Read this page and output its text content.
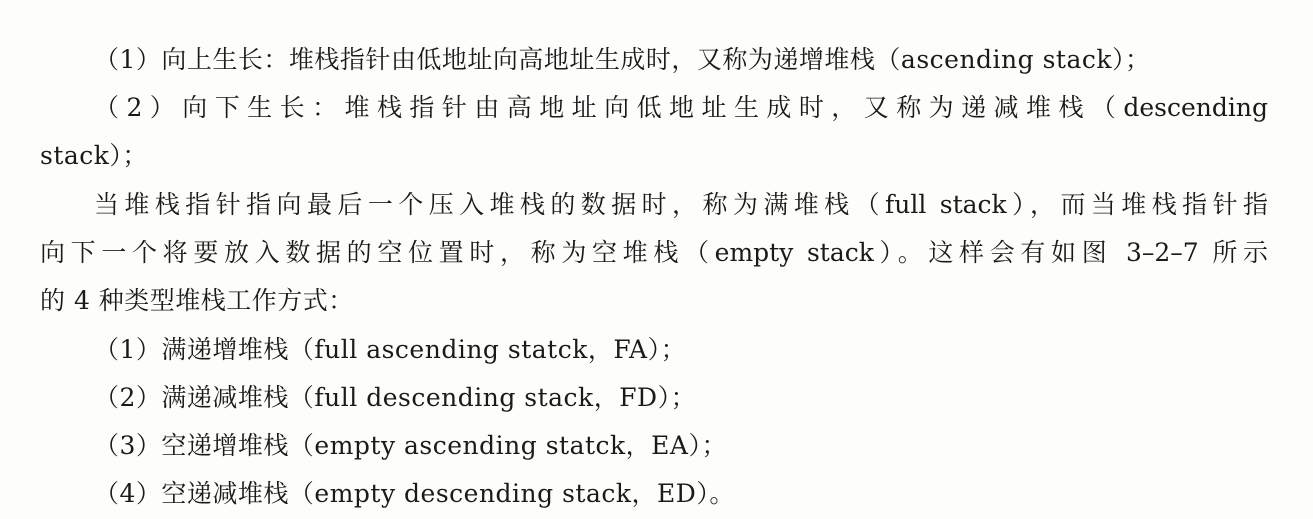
（1）向上生长：堆栈指针由低地址向高地址生成时，又称为递增堆栈（ascending stack）；
（2）向下生长：堆栈指针由高地址向低地址生成时，又称为递减堆栈（descending
stack）；
当堆栈指针指向最后一个压入堆栈的数据时，称为满堆栈（full stack），而当堆栈指针指
向下一个将要放入数据的空位置时，称为空堆栈（empty stack）。这样会有如图 3–2–7 所示
的 4 种类型堆栈工作方式：
（1）满递增堆栈（full ascending statck，FA）；
（2）满递减堆栈（full descending stack，FD）；
（3）空递增堆栈（empty ascending statck，EA）；
（4）空递减堆栈（empty descending stack，ED）。
